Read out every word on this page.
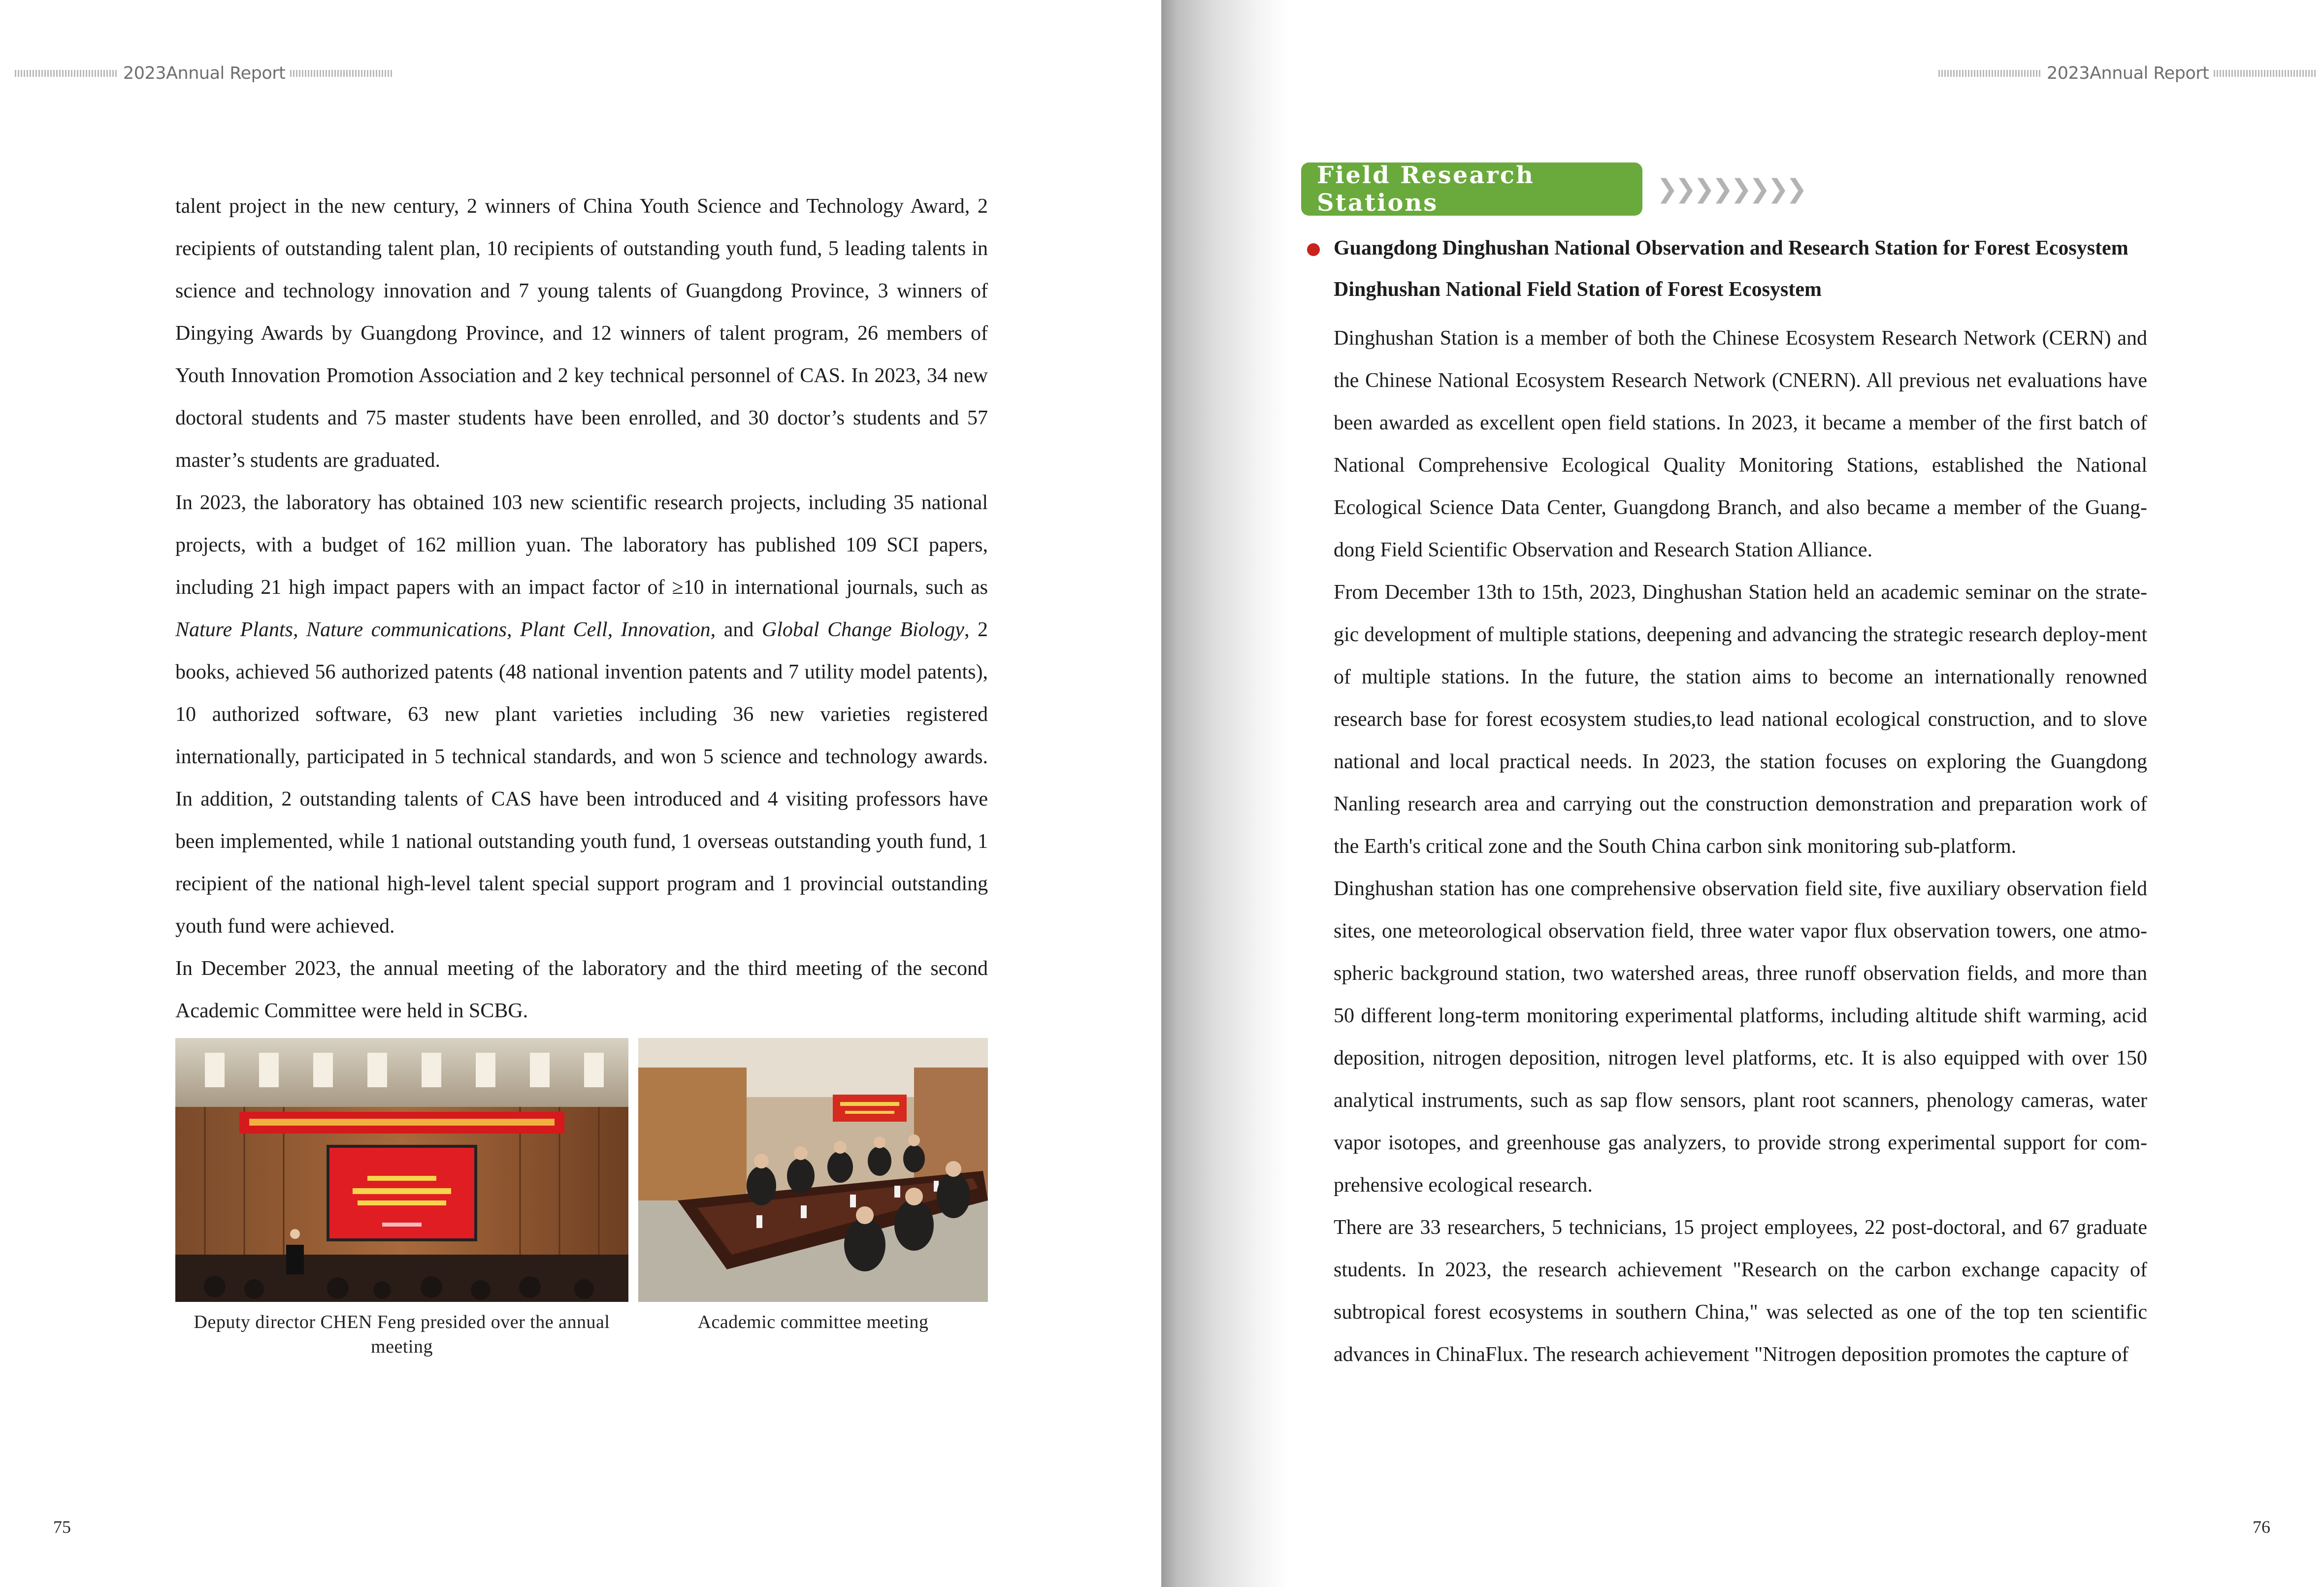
2023Annual Report

talent project in the new century, 2 winners of China Youth Science and Technology Award, 2 recipients of outstanding talent plan, 10 recipients of outstanding youth fund, 5 leading talents in science and technology innovation and 7 young talents of Guangdong Province, 3 winners of Dingying Awards by Guangdong Province, and 12 winners of talent program, 26 members of Youth Innovation Promotion Association and 2 key technical personnel of CAS. In 2023, 34 new doctoral students and 75 master students have been enrolled, and 30 doctor’s students and 57 master’s students are graduated.

In 2023, the laboratory has obtained 103 new scientific research projects, including 35 national projects, with a budget of 162 million yuan. The laboratory has published 109 SCI papers, including 21 high impact papers with an impact factor of ≥10 in international journals, such as Nature Plants, Nature communications, Plant Cell, Innovation, and Global Change Biology, 2 books, achieved 56 authorized patents (48 national invention patents and 7 utility model patents), 10 authorized software, 63 new plant varieties including 36 new varieties registered internationally, participated in 5 technical standards, and won 5 science and technology awards. In addition, 2 outstanding talents of CAS have been introduced and 4 visiting professors have been implemented, while 1 national outstanding youth fund, 1 overseas outstanding youth fund, 1 recipient of the national high-level talent special support program and 1 provincial outstanding youth fund were achieved.

In December 2023, the annual meeting of the laboratory and the third meeting of the second Academic Committee were held in SCBG.

Deputy director CHEN Feng presided over the annual meeting
Academic committee meeting
75
2023Annual Report
Field Research Stations	❯❯❯❯❯❯❯❯
Guangdong Dinghushan National Observation and Research Station for Forest Ecosystem
Dinghushan National Field Station of Forest Ecosystem

Dinghushan Station is a member of both the Chinese Ecosystem Research Network (CERN) and the Chinese National Ecosystem Research Network (CNERN). All previous net evaluations have been awarded as excellent open field stations. In 2023, it became a member of the first batch of National Comprehensive Ecological Quality Monitoring Stations, established the National Ecological Science Data Center, Guangdong Branch, and also became a member of the Guang-dong Field Scientific Observation and Research Station Alliance.

From December 13th to 15th, 2023, Dinghushan Station held an academic seminar on the strate-gic development of multiple stations, deepening and advancing the strategic research deploy-ment of multiple stations. In the future, the station aims to become an internationally renowned research base for forest ecosystem studies,to lead national ecological construction, and to slove national and local practical needs. In 2023, the station focuses on exploring the Guangdong Nanling research area and carrying out the construction demonstration and preparation work of the Earth's critical zone and the South China carbon sink monitoring sub-platform.

Dinghushan station has one comprehensive observation field site, five auxiliary observation field sites, one meteorological observation field, three water vapor flux observation towers, one atmo-spheric background station, two watershed areas, three runoff observation fields, and more than 50 different long-term monitoring experimental platforms, including altitude shift warming, acid deposition, nitrogen deposition, nitrogen level platforms, etc. It is also equipped with over 150 analytical instruments, such as sap flow sensors, plant root scanners, phenology cameras, water vapor isotopes, and greenhouse gas analyzers, to provide strong experimental support for com-prehensive ecological research.

There are 33 researchers, 5 technicians, 15 project employees, 22 post-doctoral, and 67 graduate students. In 2023, the research achievement "Research on the carbon exchange capacity of subtropical forest ecosystems in southern China," was selected as one of the top ten scientific advances in ChinaFlux. The research achievement "Nitrogen deposition promotes the capture of

76
